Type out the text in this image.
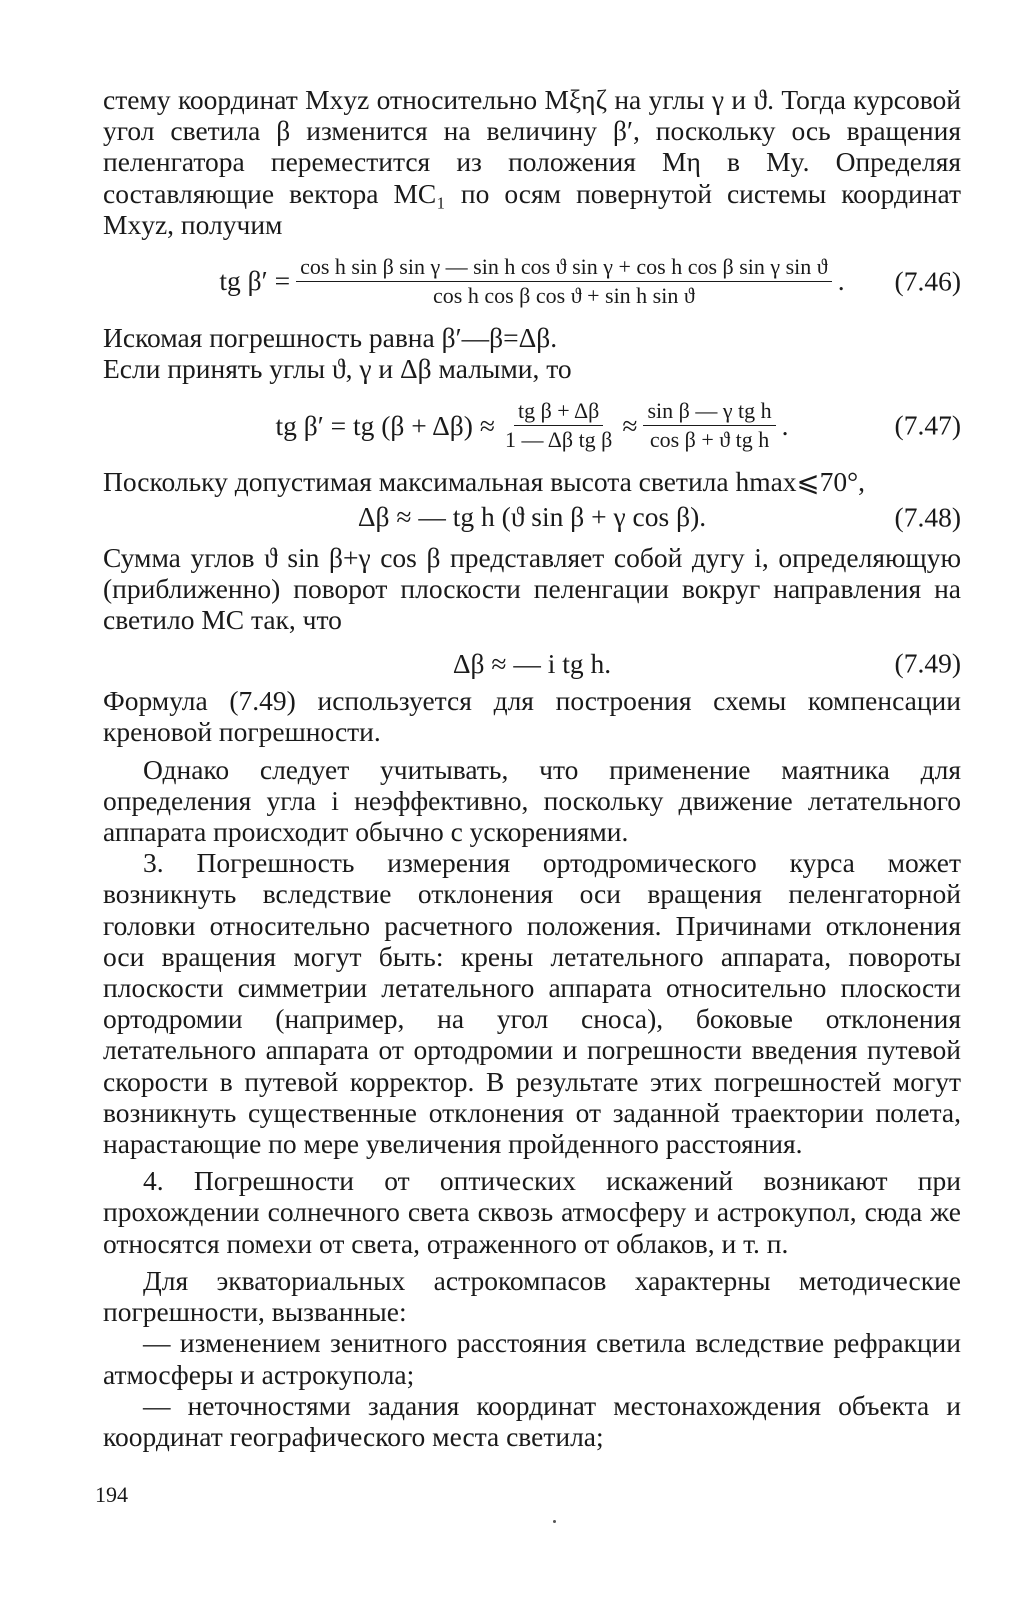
стему координат Mxyz относительно Mξηζ на углы γ и ϑ. Тогда курсовой угол светила β изменится на величину β′, поскольку ось вращения пеленгатора переместится из положения Mη в My. Определяя составляющие вектора MC₁ по осям повернутой системы координат Mxyz, получим

tg β′ = cos h sin β sin γ — sin h cos ϑ sin γ + cos h cos β sin γ sin ϑ
cos h cos β cos ϑ + sin h sin ϑ	. (7.46)

Искомая погрешность равна β′—β=Δβ.

Если принять углы ϑ, γ и Δβ малыми, то

tg β′ = tg $(\beta + \Delta\beta) \approx \frac{\text{tg β + Δβ}}{\text{1 — Δβ tg β}} \approx \frac{\text{sin β — γ tg h}}{\text{cos β + ϑ tg h}}$ .	(7.47)

Поскольку допустимая максимальная высота светила hmax⩽70°,

Δβ ≈ — tg h (ϑ sin β + γ cos β).	(7.48)

Сумма углов ϑ sin β+γ cos β представляет собой дугу i, определяющую (приближенно) поворот плоскости пеленгации вокруг направления на светило MC так, что

Δβ ≈ — i tg h.	(7.49)

Формула (7.49) используется для построения схемы компенсации креновой погрешности.

Однако следует учитывать, что применение маятника для определения угла i неэффективно, поскольку движение летательного аппарата происходит обычно с ускорениями.

3. Погрешность измерения ортодромического курса может возникнуть вследствие отклонения оси вращения пеленгаторной головки относительно расчетного положения. Причинами отклонения оси вращения могут быть: крены летательного аппарата, повороты плоскости симметрии летательного аппарата относительно плоскости ортодромии (например, на угол сноса), боковые отклонения летательного аппарата от ортодромии и погрешности введения путевой скорости в путевой корректор. В результате этих погрешностей могут возникнуть существенные отклонения от заданной траектории полета, нарастающие по мере увеличения пройденного расстояния.

4. Погрешности от оптических искажений возникают при прохождении солнечного света сквозь атмосферу и астрокупол, сюда же относятся помехи от света, отраженного от облаков, и т. п.

Для экваториальных астрокомпасов характерны методические погрешности, вызванные:

— изменением зенитного расстояния светила вследствие рефракции атмосферы и астрокупола;

— неточностями задания координат местонахождения объекта и координат географического места светила;

194
